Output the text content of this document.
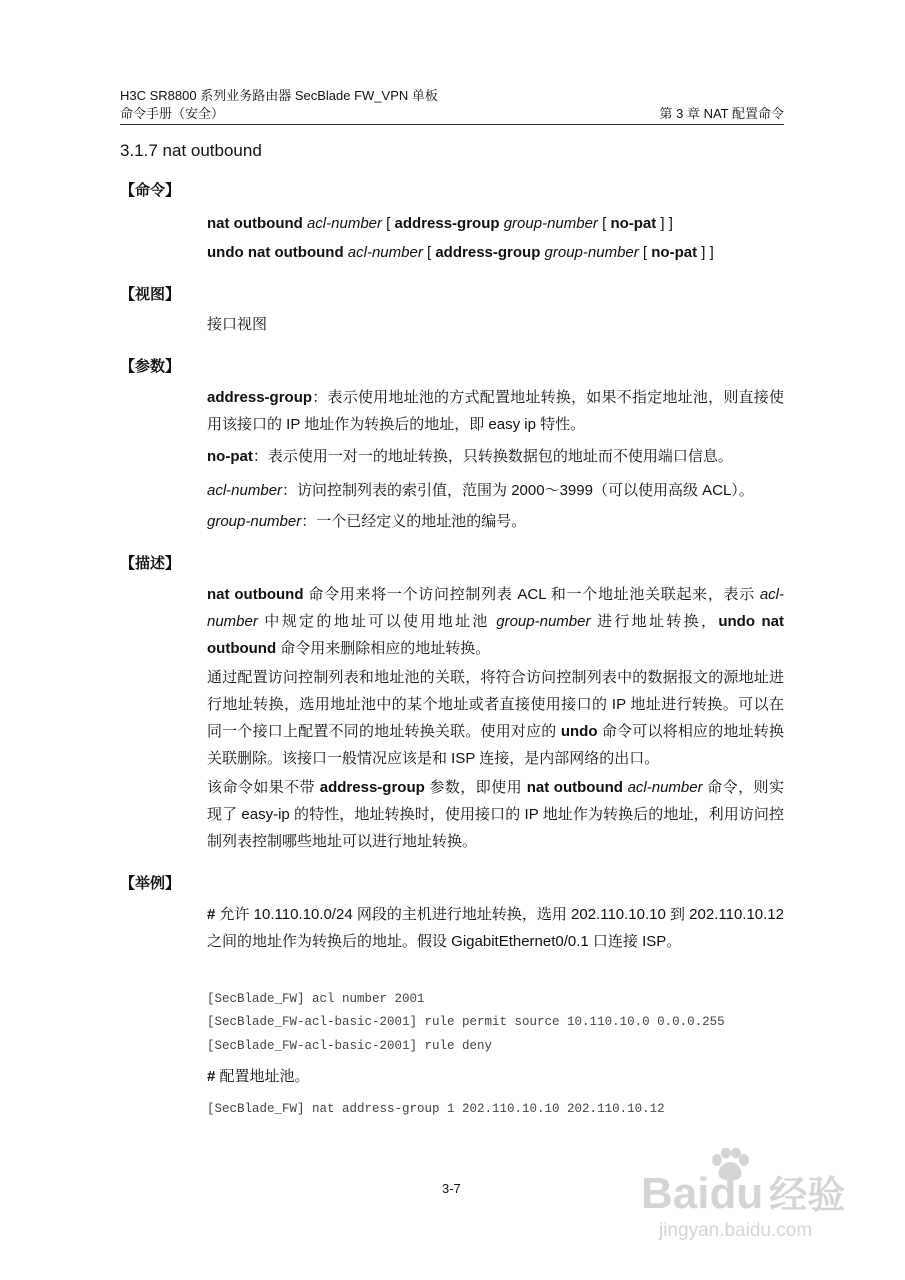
H3C SR8800 系列业务路由器 SecBlade FW_VPN 单板
命令手册（安全）	第 3 章 NAT 配置命令
3.1.7 nat outbound
【命令】
nat outbound acl-number [ address-group group-number [ no-pat ] ]
undo nat outbound acl-number [ address-group group-number [ no-pat ] ]
【视图】
接口视图
【参数】
address-group：表示使用地址池的方式配置地址转换，如果不指定地址池，则直接使用该接口的 IP 地址作为转换后的地址，即 easy ip 特性。
no-pat：表示使用一对一的地址转换，只转换数据包的地址而不使用端口信息。
acl-number：访问控制列表的索引值，范围为 2000～3999（可以使用高级 ACL）。
group-number：一个已经定义的地址池的编号。
【描述】
nat outbound 命令用来将一个访问控制列表 ACL 和一个地址池关联起来，表示 acl-number 中规定的地址可以使用地址池 group-number 进行地址转换，undo nat outbound 命令用来删除相应的地址转换。
通过配置访问控制列表和地址池的关联，将符合访问控制列表中的数据报文的源地址进行地址转换，选用地址池中的某个地址或者直接使用接口的 IP 地址进行转换。可以在同一个接口上配置不同的地址转换关联。使用对应的 undo 命令可以将相应的地址转换关联删除。该接口一般情况应该是和 ISP 连接，是内部网络的出口。
该命令如果不带 address-group 参数，即使用 nat outbound acl-number 命令，则实现了 easy-ip 的特性，地址转换时，使用接口的 IP 地址作为转换后的地址，利用访问控制列表控制哪些地址可以进行地址转换。
【举例】
# 允许 10.110.10.0/24 网段的主机进行地址转换，选用 202.110.10.10 到 202.110.10.12 之间的地址作为转换后的地址。假设 GigabitEthernet0/0.1 口连接 ISP。
[SecBlade_FW] acl number 2001
[SecBlade_FW-acl-basic-2001] rule permit source 10.110.10.0 0.0.0.255
[SecBlade_FW-acl-basic-2001] rule deny
# 配置地址池。
[SecBlade_FW] nat address-group 1 202.110.10.10 202.110.10.12
3-7	Baidu 经验
jingyan.baidu.com
